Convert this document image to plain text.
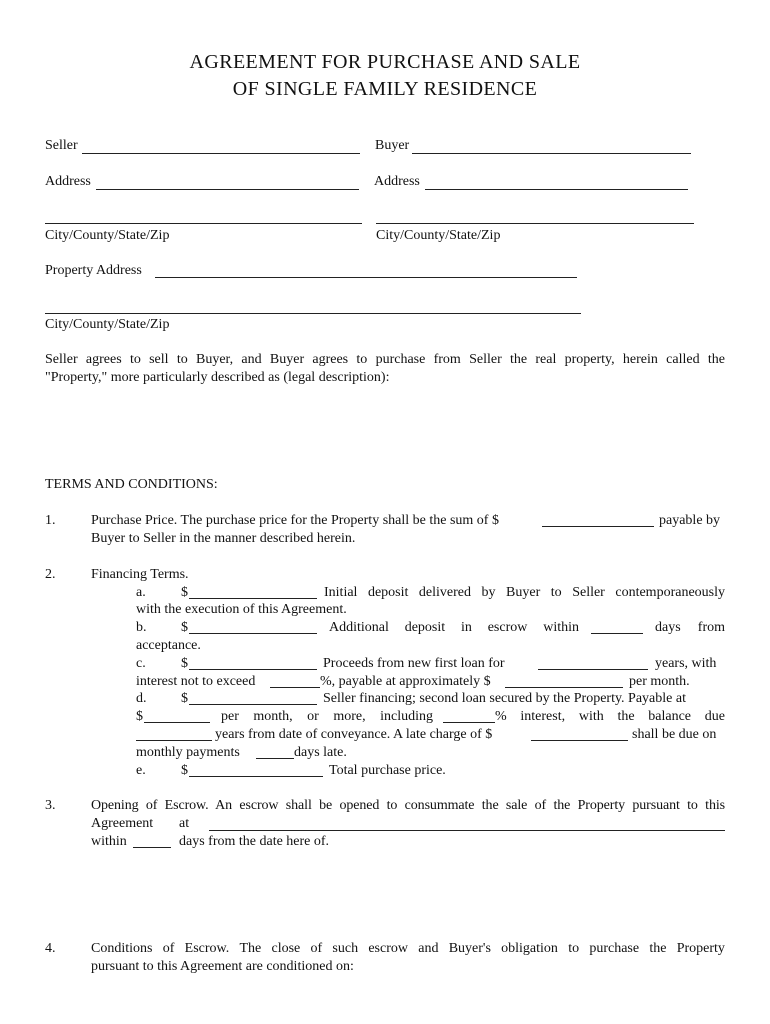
AGREEMENT FOR PURCHASE AND SALE
OF SINGLE FAMILY RESIDENCE
Seller	Buyer
Address	Address
City/County/State/Zip	City/County/State/Zip
Property Address
City/County/State/Zip
Seller agrees to sell to Buyer, and Buyer agrees to purchase from Seller the real property, herein called the
"Property," more particularly described as (legal description):
TERMS AND CONDITIONS:
1.	Purchase Price. The purchase price for the Property shall be the sum of $	payable by
Buyer to Seller in the manner described herein.
2.	Financing Terms.
a.	$	Initial deposit delivered by Buyer to Seller contemporaneously
with the execution of this Agreement.
b. $	Additional deposit in escrow within	days from
acceptance.
c.	$	Proceeds from new first loan for	years, with
interest not to exceed	%, payable at approximately $	per month.
d. $	Seller financing; second loan secured by the Property. Payable at
$	per month, or more, including	% interest, with the balance due
years from date of conveyance. A late charge of $	shall be due on
monthly payments	days late.
e.	$	Total purchase price.
3.	Opening of Escrow. An escrow shall be opened to consummate the sale of the Property pursuant to this
Agreement at
within	days from the date here of.
4.	Conditions of Escrow. The close of such escrow and Buyer's obligation to purchase the Property
pursuant to this Agreement are conditioned on:
